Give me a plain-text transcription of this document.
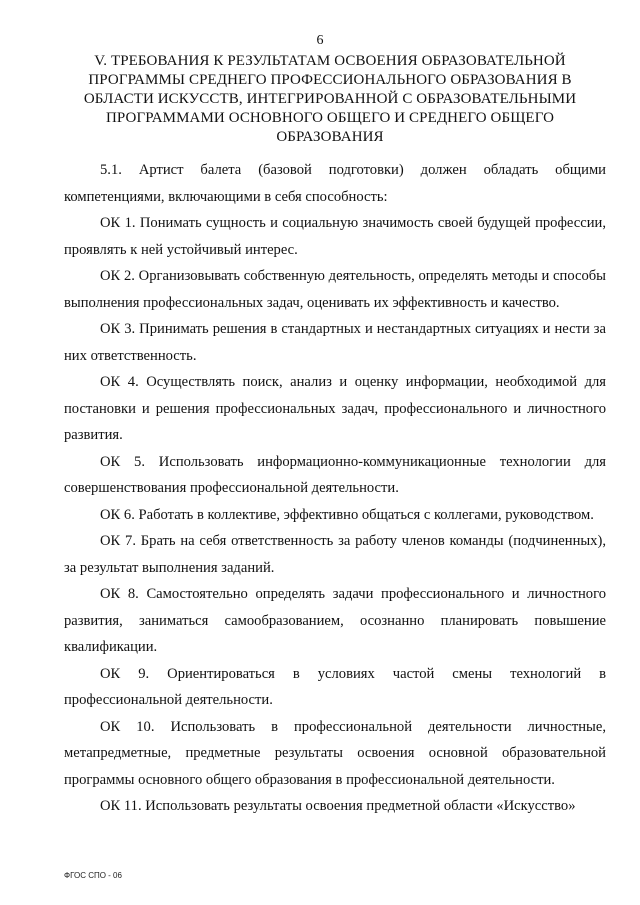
6
V. ТРЕБОВАНИЯ К РЕЗУЛЬТАТАМ ОСВОЕНИЯ ОБРАЗОВАТЕЛЬНОЙ
ПРОГРАММЫ СРЕДНЕГО ПРОФЕССИОНАЛЬНОГО ОБРАЗОВАНИЯ В
ОБЛАСТИ ИСКУССТВ, ИНТЕГРИРОВАННОЙ С ОБРАЗОВАТЕЛЬНЫМИ
ПРОГРАММАМИ ОСНОВНОГО ОБЩЕГО И СРЕДНЕГО ОБЩЕГО
ОБРАЗОВАНИЯ

5.1. Артист балета (базовой подготовки) должен обладать общими компетенциями, включающими в себя способность:

ОК 1. Понимать сущность и социальную значимость своей будущей профессии, проявлять к ней устойчивый интерес.

ОК 2. Организовывать собственную деятельность, определять методы и способы выполнения профессиональных задач, оценивать их эффективность и качество.

ОК 3. Принимать решения в стандартных и нестандартных ситуациях и нести за них ответственность.

ОК 4. Осуществлять поиск, анализ и оценку информации, необходимой для постановки и решения профессиональных задач, профессионального и личностного развития.

ОК 5. Использовать информационно-коммуникационные технологии для совершенствования профессиональной деятельности.

ОК 6. Работать в коллективе, эффективно общаться с коллегами, руководством.

ОК 7. Брать на себя ответственность за работу членов команды (подчиненных), за результат выполнения заданий.

ОК 8. Самостоятельно определять задачи профессионального и личностного развития, заниматься самообразованием, осознанно планировать повышение квалификации.

ОК 9. Ориентироваться в условиях частой смены технологий в профессиональной деятельности.

ОК 10. Использовать в профессиональной деятельности личностные, метапредметные, предметные результаты освоения основной образовательной программы основного общего образования в профессиональной деятельности.

ОК 11. Использовать результаты освоения предметной области «Искусство»

ФГОС СПО - 06
